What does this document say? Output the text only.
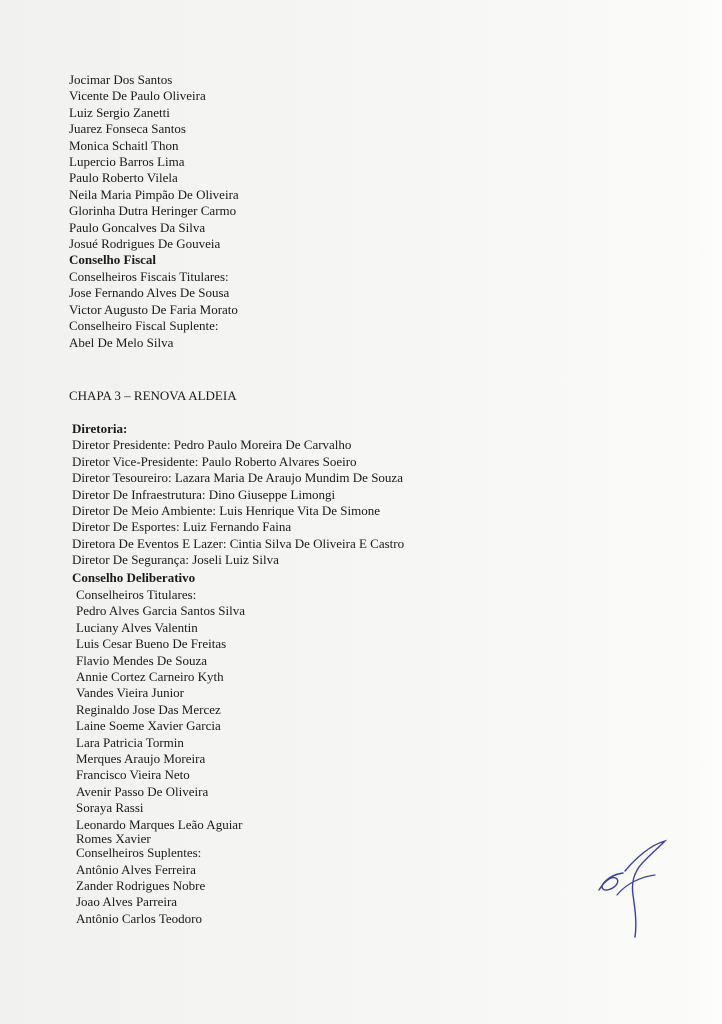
Jocimar Dos Santos
Vicente De Paulo Oliveira
Luiz Sergio Zanetti
Juarez Fonseca Santos
Monica Schaitl Thon
Lupercio Barros Lima
Paulo Roberto Vilela
Neila Maria Pimpão De Oliveira
Glorinha Dutra Heringer Carmo
Paulo Goncalves Da Silva
Josué Rodrigues De Gouveia
Conselho Fiscal
Conselheiros Fiscais Titulares:
Jose Fernando Alves De Sousa
Victor Augusto De Faria Morato
Conselheiro Fiscal Suplente:
Abel De Melo Silva
CHAPA 3 – RENOVA ALDEIA
Diretoria:
Diretor Presidente: Pedro Paulo Moreira De Carvalho
Diretor Vice-Presidente: Paulo Roberto Alvares Soeiro
Diretor Tesoureiro: Lazara Maria De Araujo Mundim De Souza
Diretor De Infraestrutura: Dino Giuseppe Limongi
Diretor De Meio Ambiente: Luis Henrique Vita De Simone
Diretor De Esportes: Luiz Fernando Faina
Diretora De Eventos E Lazer: Cintia Silva De Oliveira E Castro
Diretor De Segurança: Joseli Luiz Silva
Conselho Deliberativo
Conselheiros Titulares:
Pedro Alves Garcia Santos Silva
Luciany Alves Valentin
Luis Cesar Bueno De Freitas
Flavio Mendes De Souza
Annie Cortez Carneiro Kyth
Vandes Vieira Junior
Reginaldo Jose Das Mercez
Laine Soeme Xavier Garcia
Lara Patricia Tormin
Merques Araujo Moreira
Francisco Vieira Neto
Avenir Passo De Oliveira
Soraya Rassi
Leonardo Marques Leão Aguiar
Romes Xavier
Conselheiros Suplentes:
Antônio Alves Ferreira
Zander Rodrigues Nobre
Joao Alves Parreira
Antônio Carlos Teodoro
